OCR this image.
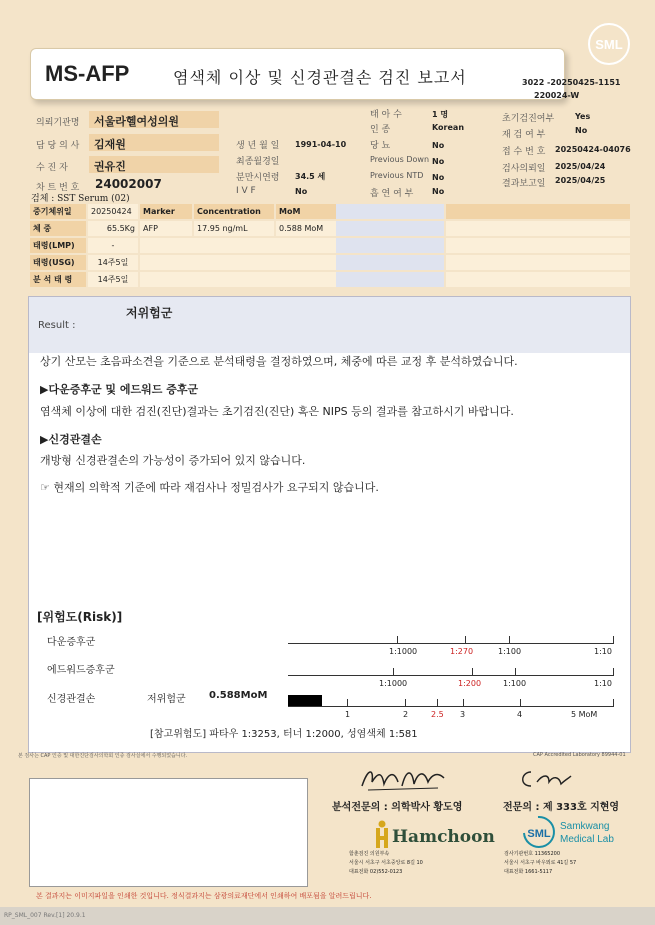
MS-AFP	염색체 이상 및 신경관결손 검진 보고서
SML
3022 -20250425-1151
220024-W
의뢰기관명 서울라헬여성의원
담 당 의 사 김재원
수 진 자 권유진
차 트 번 호 24002007
검체 : SST Serum (02)
생 년 월 일 1991-04-10
최종월경일
분만시연령 34.5 세
I V F	No
태 아 수	1 명
인 종	Korean
당 뇨	No
Previous Down No
Previous NTD No
흡 연 여 부 No
초기검진여부	Yes
재 검 여 부	No
접 수 번 호 20250424-04076
검사의뢰일 2025/04/24
결과보고일 2025/04/25
중기체위일	20250424	Marker	Concentration	MoM
체 중	65.5Kg	AFP	17.95 ng/mL	0.588 MoM
태령(LMP)	-
태령(USG)	14주5일
분 석 태 령	14주5일
Result :
저위험군
상기 산모는 초음파소견을 기준으로 분석태령을 결정하였으며, 체중에 따른 교정 후 분석하였습니다.
▶다운증후군 및 에드워드 증후군
염색체 이상에 대한 검진(진단)결과는 초기검진(진단) 혹은 NIPS 등의 결과를 참고하시기 바랍니다.
▶신경관결손
개방형 신경관결손의 가능성이 증가되어 있지 않습니다.
☞ 현재의 의학적 기준에 따라 재검사나 정밀검사가 요구되지 않습니다.
[위험도(Risk)]
다운증후군
에드워드증후군
신경관결손	저위험군 0.588MoM
1:1000	1:270	1:100	1:10
1:1000	1:200	1:100	1:10
1	2	2.5 3	4	5 MoM
[참고위험도] 파타우 1:3253, 터너 1:2000, 성염색체 1:581
본 검사는 CAP 인증 및 대한진단검사의학회 인증 검사실에서 수행되었습니다.	CAP Accredited Laboratory 89944-01
분석전문의 : 의학박사 황도영	전문의 : 제 333호 지현영
Hamchoon
함춘검진 의원부속
서울시 서초구 서초중앙로 8길 10
대표전화 02)552-0123
SML
Samkwang
Medical Lab
검사기관번호 11365200
서울시 서초구 바우뫼로 41길 57
대표전화 1661-5117
본 결과지는 이미지파일을 인쇄한 것입니다. 정식결과지는 삼광의료재단에서 인쇄하여 배포됨을 알려드립니다.
RP_SML_007 Rev.[1] 20.9.1
